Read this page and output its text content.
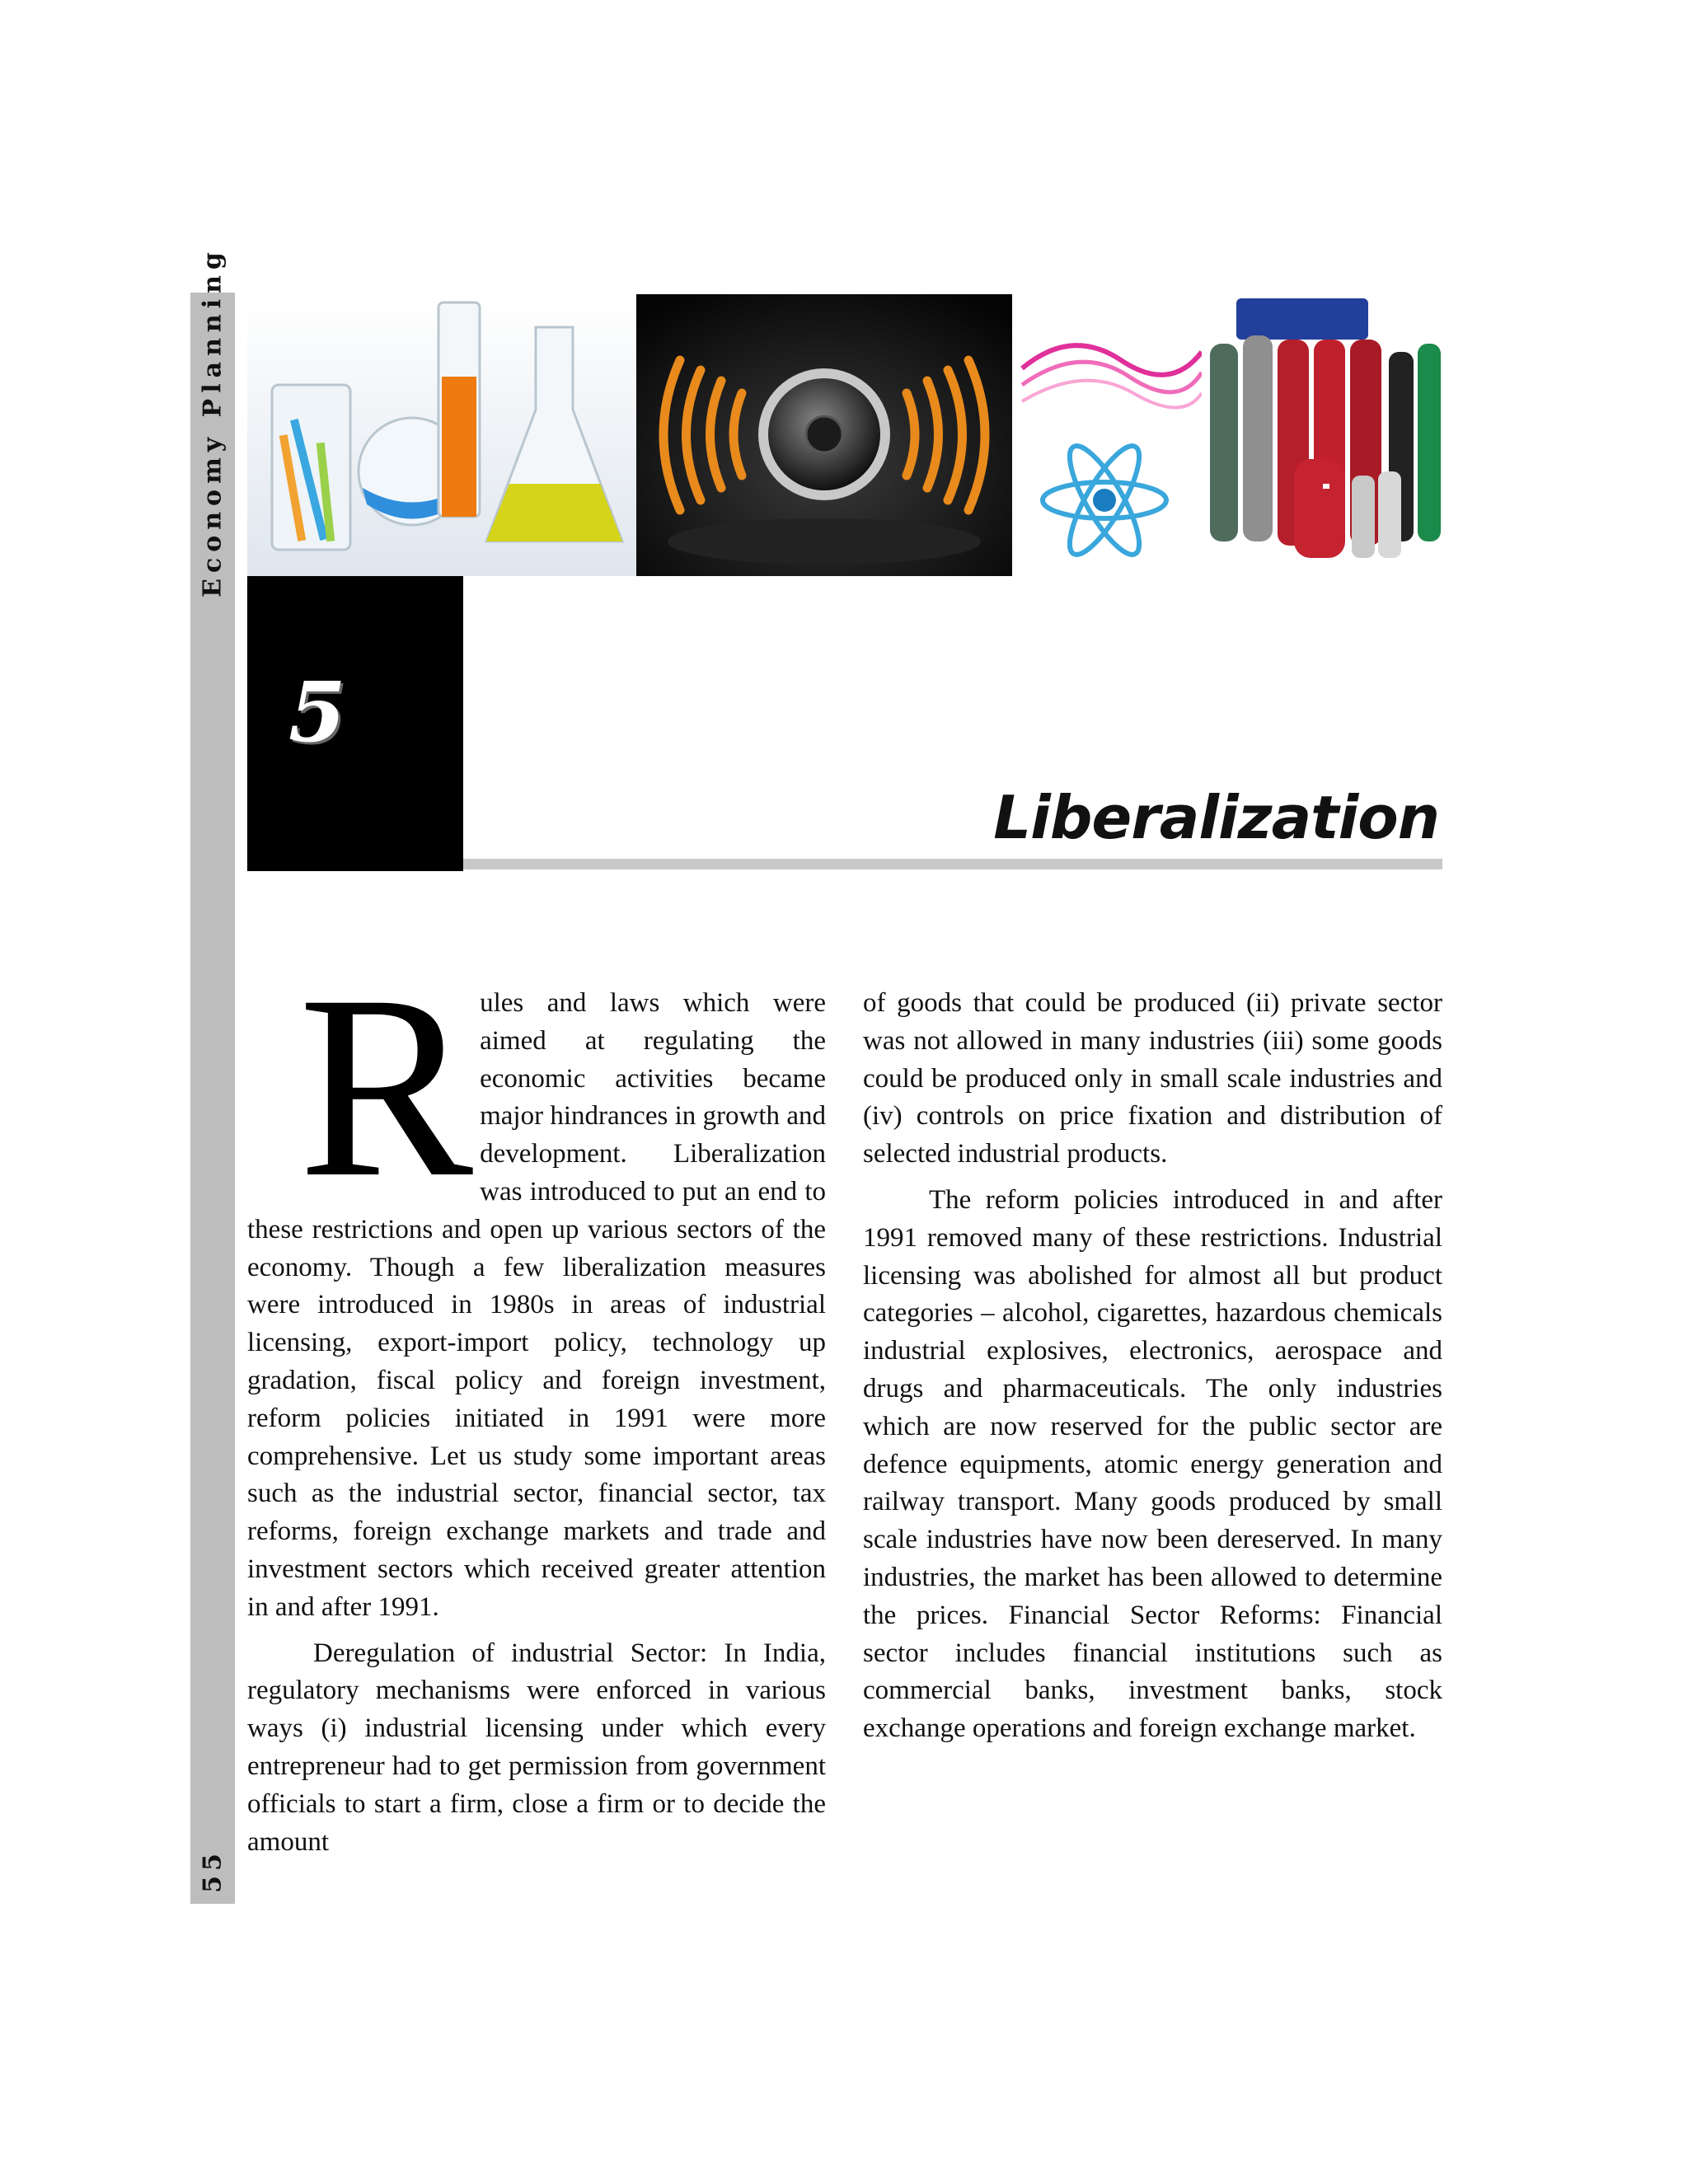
Economy Planning
55
5
Liberalization

Rules and laws which were aimed at regulating the economic activities became major hindrances in growth and development. Liberalization was introduced to put an end to these restrictions and open up various sectors of the economy. Though a few liberalization measures were introduced in 1980s in areas of industrial licensing, export-import policy, technology up gradation, fiscal policy and foreign investment, reform policies initiated in 1991 were more comprehensive. Let us study some important areas such as the industrial sector, financial sector, tax reforms, foreign exchange markets and trade and investment sectors which received greater attention in and after 1991.

Deregulation of industrial Sector: In India, regulatory mechanisms were enforced in various ways (i) industrial licensing under which every entrepreneur had to get permission from government officials to start a firm, close a firm or to decide the amount

of goods that could be produced (ii) private sector was not allowed in many industries (iii) some goods could be produced only in small scale industries and (iv) controls on price fixation and distribution of selected industrial products.

The reform policies introduced in and after 1991 removed many of these restrictions. Industrial licensing was abolished for almost all but product categories – alcohol, cigarettes, hazardous chemicals industrial explosives, electronics, aerospace and drugs and pharmaceuticals. The only industries which are now reserved for the public sector are defence equipments, atomic energy generation and railway transport. Many goods produced by small scale industries have now been dereserved. In many industries, the market has been allowed to determine the prices. Financial Sector Reforms: Financial sector includes financial institutions such as commercial banks, investment banks, stock exchange operations and foreign exchange market.
